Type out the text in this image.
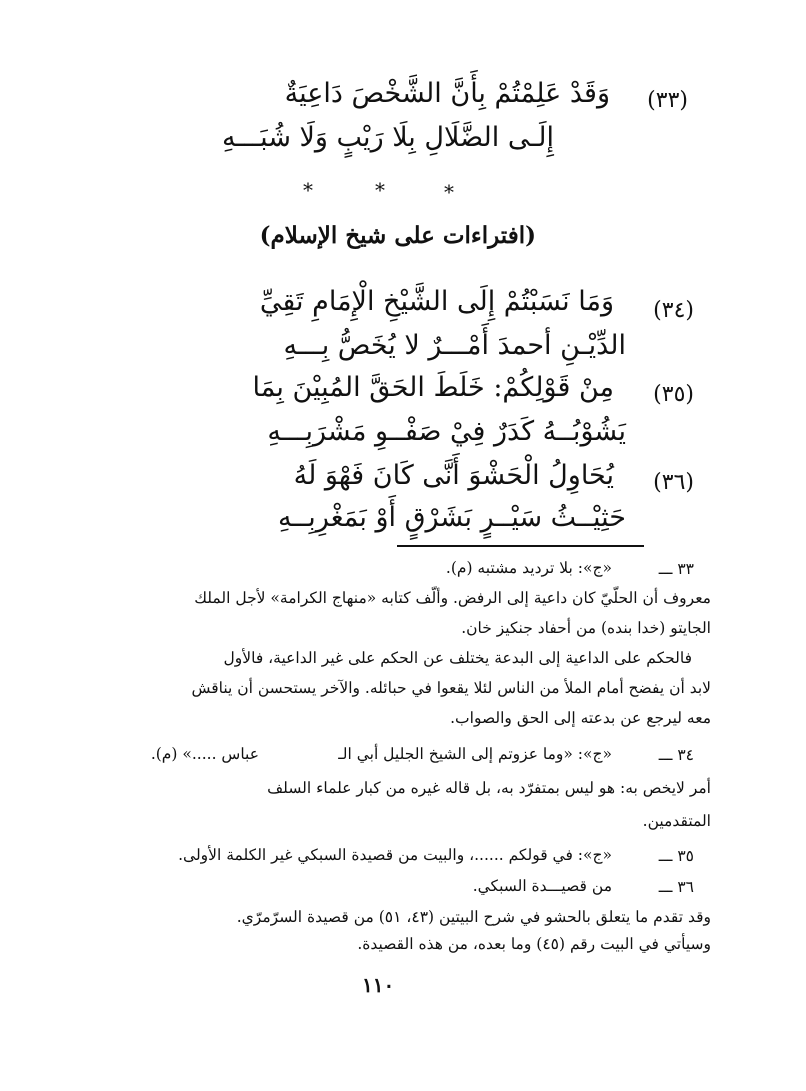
(٣٣)
وَقَدْ عَلِمْتُمْ بِأَنَّ الشَّخْصَ دَاعِيَةٌ
إِلَـى الضَّلَالِ بِلَا رَيْبٍ وَلَا شُبَـــهِ
*	*	*
(افتراءات على شيخ الإسلام)
(٣٤)
وَمَا نَسَبْتُمْ إِلَى الشَّيْخِ الْإِمَامِ تَقِيِّ
الدِّيْـنِ أحمدَ أَمْـــرٌ لا يُخَصُّ بِـــهِ
(٣٥)
مِنْ قَوْلِكُمْ: خَلَطَ الحَقَّ المُبِيْنَ بِمَا
يَشُوْبُــهُ كَدَرٌ فِيْ صَفْــوِ مَشْرَبِـــهِ
(٣٦)
يُحَاوِلُ الْحَشْوَ أَنَّى كَانَ فَهْوَ لَهُ
حَثِيْــثُ سَيْــرٍ بَشَرْقٍ أَوْ بَمَغْرِبِــهِ
٣٣ ـــ
«ج»: بلا ترديد مشتبه (م).
معروف أن الحلّيّ كان داعية إلى الرفض. وألّف كتابه «منهاج الكرامة» لأجل الملك
الجايتو (خدا بنده) من أحفاد جنكيز خان.
فالحكم على الداعية إلى البدعة يختلف عن الحكم على غير الداعية، فالأول
لابد أن يفضح أمام الملأ من الناس لئلا يقعوا في حبائله. والآخر يستحسن أن يناقش
معه ليرجع عن بدعته إلى الحق والصواب.
٣٤ ـــ
«ج»: «وما عزوتم إلى الشيخ الجليل أبي الـ
عباس .....» (م).
أمر لايخص به: هو ليس بمتفرّد به، بل قاله غيره من كبار علماء السلف
المتقدمين.
٣٥ ـــ
«ج»: في قولكم ......، والبيت من قصيدة السبكي غير الكلمة الأولى.
٣٦ ـــ
من قصيـــدة السبكي.
وقد تقدم ما يتعلق بالحشو في شرح البيتين (٤٣، ٥١) من قصيدة السرّمرّي.
وسيأتي في البيت رقم (٤٥) وما بعده، من هذه القصيدة.
١١٠
